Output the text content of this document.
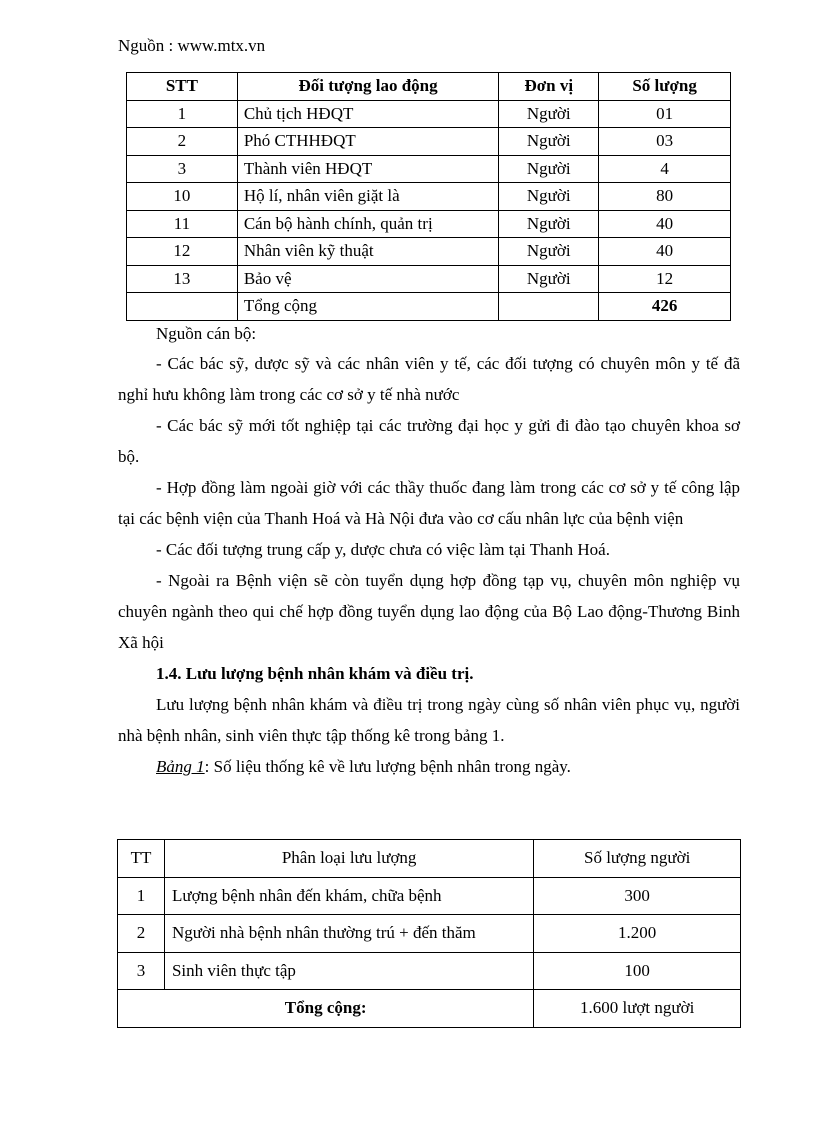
Nguồn : www.mtx.vn
STT	Đối tượng lao động	Đơn vị	Số lượng
1	Chủ tịch HĐQT	Người	01
2	Phó CTHHĐQT	Người	03
3	Thành viên HĐQT	Người	4
10	Hộ lí, nhân viên giặt là	Người	80
11	Cán bộ hành chính, quản trị	Người	40
12	Nhân viên kỹ thuật	Người	40
13	Bảo vệ	Người	12
	Tổng cộng		426

Nguồn cán bộ:

- Các bác sỹ, dược sỹ và các nhân viên y tế, các đối tượng có chuyên môn y tế đã nghỉ hưu không làm trong các cơ sở y tế nhà nước

- Các bác sỹ mới tốt nghiệp tại các trường đại học y gửi đi đào tạo chuyên khoa sơ bộ.

- Hợp đồng làm ngoài giờ với các thầy thuốc đang làm trong các cơ sở y tế công lập tại các bệnh viện của Thanh Hoá và Hà Nội đưa vào cơ cấu nhân lực của bệnh viện

- Các đối tượng trung cấp y, dược chưa có việc làm tại Thanh Hoá.

- Ngoài ra Bệnh viện sẽ còn tuyển dụng hợp đồng tạp vụ, chuyên môn nghiệp vụ chuyên ngành theo qui chế hợp đồng tuyển dụng lao động của Bộ Lao động-Thương Binh Xã hội

1.4. Lưu lượng bệnh nhân khám và điều trị.

Lưu lượng bệnh nhân khám và điều trị trong ngày cùng số nhân viên phục vụ, người nhà bệnh nhân, sinh viên thực tập thống kê trong bảng 1.

Bảng 1: Số liệu thống kê về lưu lượng bệnh nhân trong ngày.

TT	Phân loại lưu lượng	Số lượng người
1	Lượng bệnh nhân đến khám, chữa bệnh	300
2	Người nhà bệnh nhân thường trú + đến thăm	1.200
3	Sinh viên thực tập	100
Tổng cộng:		1.600 lượt người
